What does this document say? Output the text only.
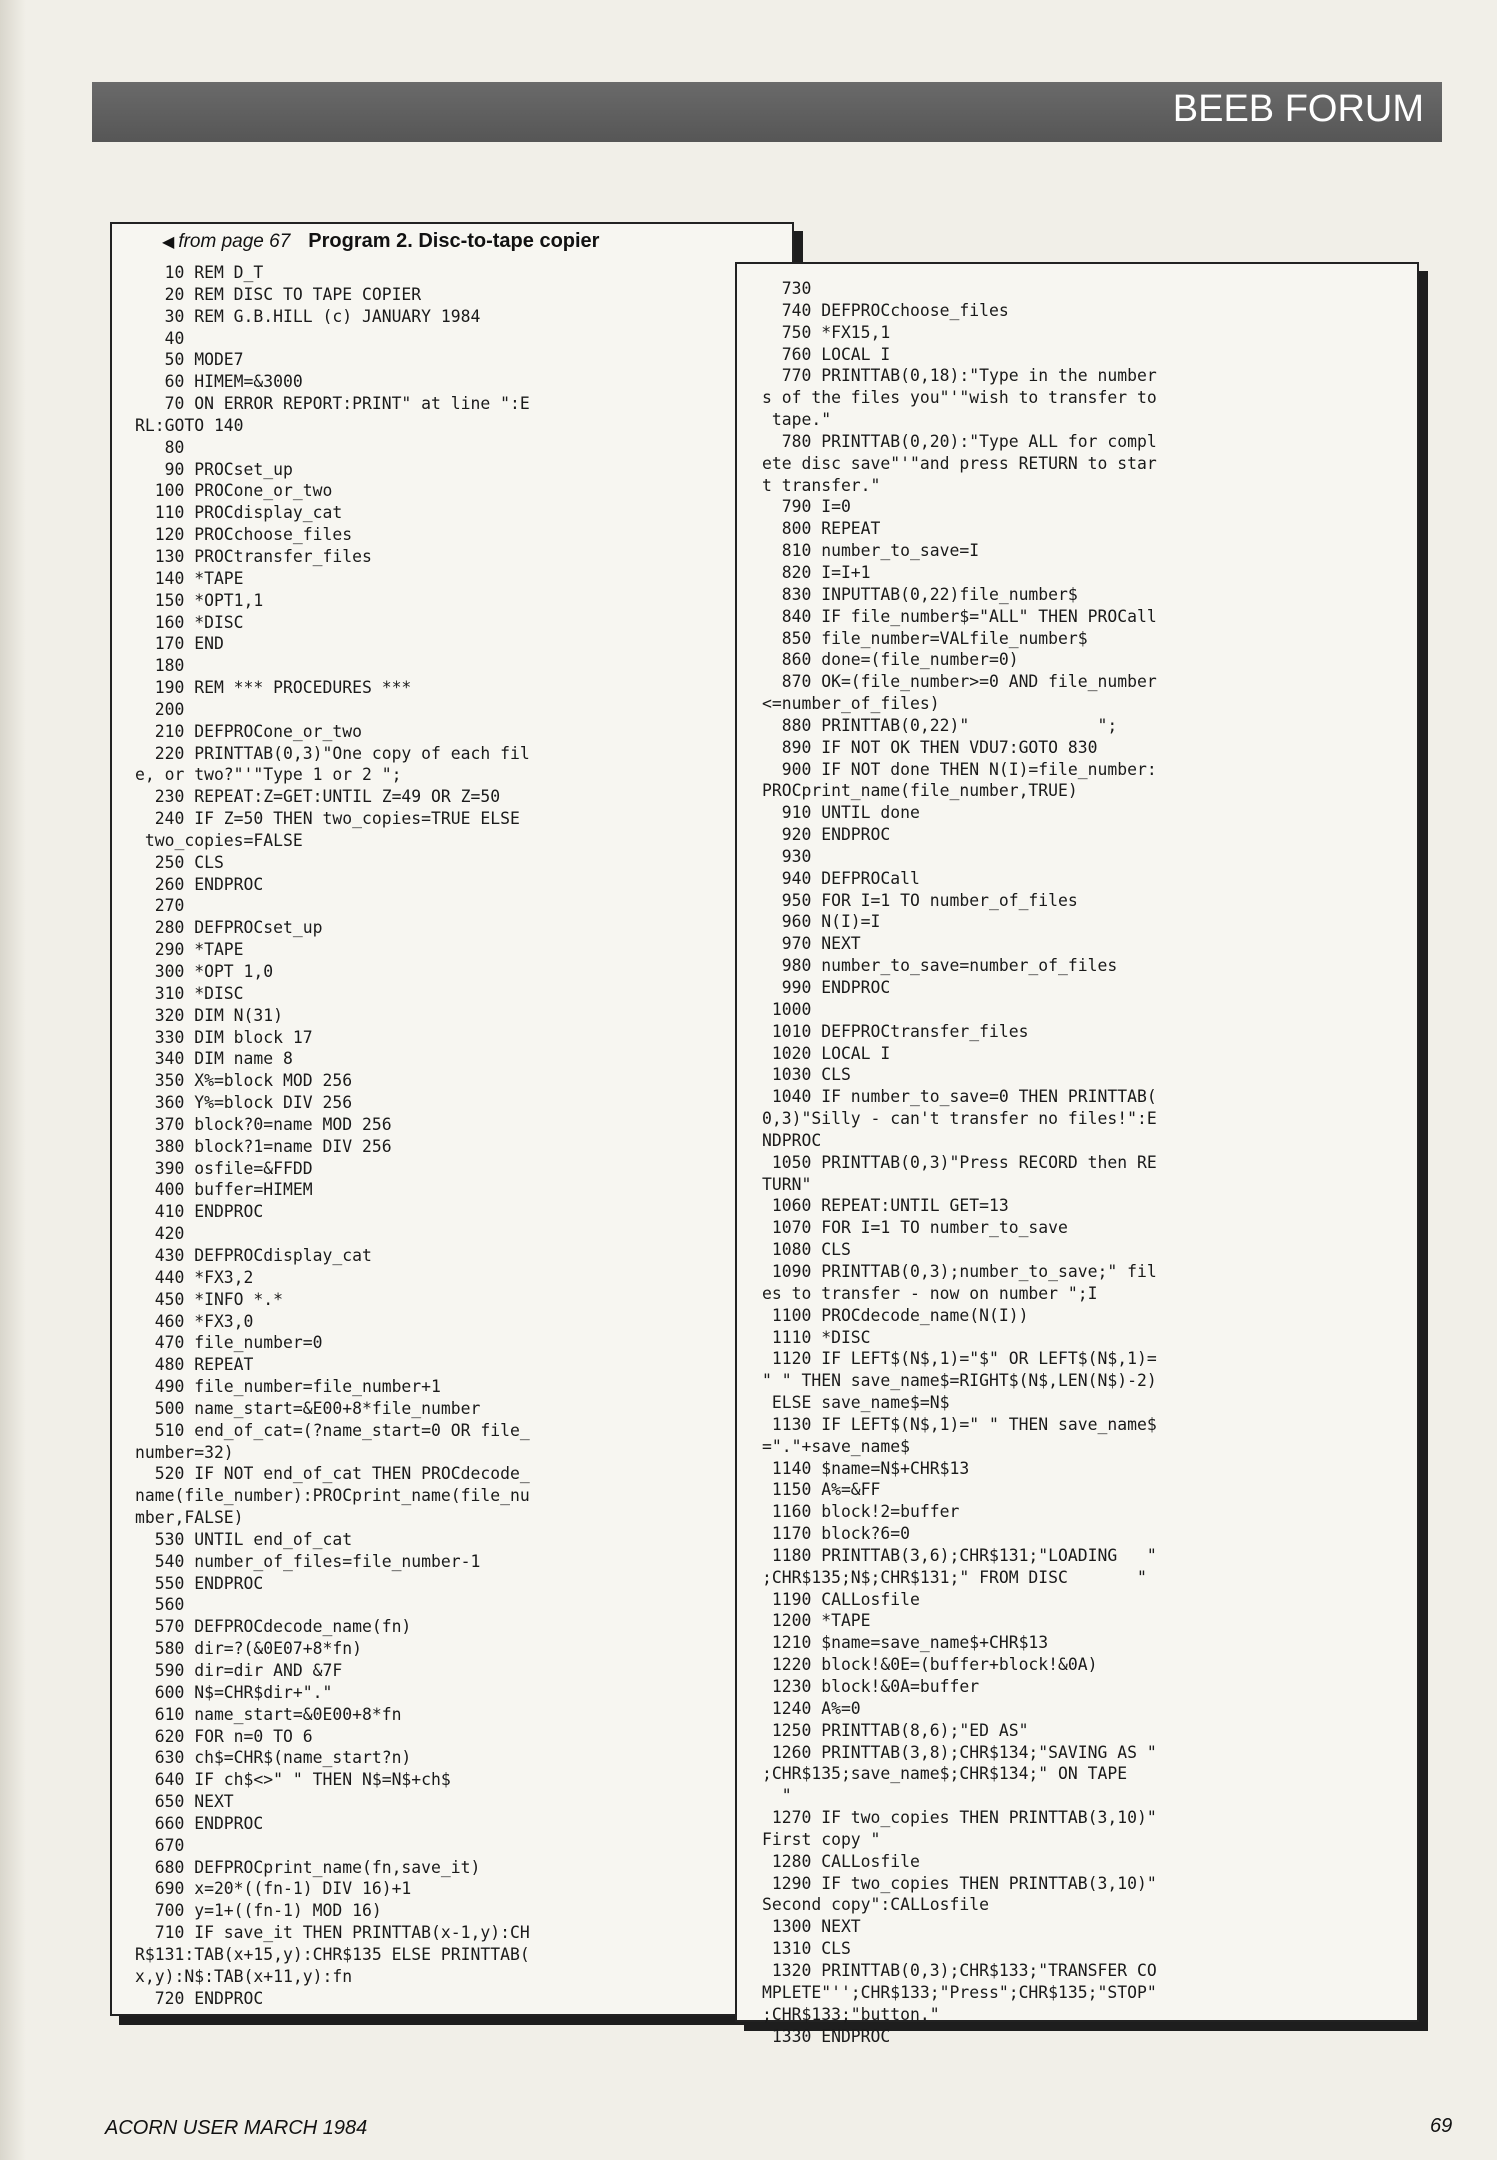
BEEB FORUM
◀ from page 67 Program 2. Disc-to-tape copier
10 REM D_T
20 REM DISC TO TAPE COPIER
30 REM G.B.HILL (c) JANUARY 1984
40
50 MODE7
60 HIMEM=&3000
70 ON ERROR REPORT:PRINT" at line ":E
RL:GOTO 140
80
90 PROCset_up
100 PROCone_or_two
110 PROCdisplay_cat
120 PROCchoose_files
130 PROCtransfer_files
140 *TAPE
150 *OPT1,1
160 *DISC
170 END
180
190 REM *** PROCEDURES ***
200
210 DEFPROCone_or_two
220 PRINTTAB(0,3)"One copy of each fil
e, or two?"'"Type 1 or 2 ";
230 REPEAT:Z=GET:UNTIL Z=49 OR Z=50
240 IF Z=50 THEN two_copies=TRUE ELSE
two_copies=FALSE
250 CLS
260 ENDPROC
270
280 DEFPROCset_up
290 *TAPE
300 *OPT 1,0
310 *DISC
320 DIM N(31)
330 DIM block 17
340 DIM name 8
350 X%=block MOD 256
360 Y%=block DIV 256
370 block?0=name MOD 256
380 block?1=name DIV 256
390 osfile=&FFDD
400 buffer=HIMEM
410 ENDPROC
420
430 DEFPROCdisplay_cat
440 *FX3,2
450 *INFO *.*
460 *FX3,0
470 file_number=0
480 REPEAT
490 file_number=file_number+1
500 name_start=&E00+8*file_number
510 end_of_cat=(?name_start=0 OR file_
number=32)
520 IF NOT end_of_cat THEN PROCdecode_
name(file_number):PROCprint_name(file_nu
mber,FALSE)
530 UNTIL end_of_cat
540 number_of_files=file_number-1
550 ENDPROC
560
570 DEFPROCdecode_name(fn)
580 dir=?(&0E07+8*fn)
590 dir=dir AND &7F
600 N$=CHR$dir+"."
610 name_start=&0E00+8*fn
620 FOR n=0 TO 6
630 ch$=CHR$(name_start?n)
640 IF ch$<>" " THEN N$=N$+ch$
650 NEXT
660 ENDPROC
670
680 DEFPROCprint_name(fn,save_it)
690 x=20*((fn-1) DIV 16)+1
700 y=1+((fn-1) MOD 16)
710 IF save_it THEN PRINTTAB(x-1,y):CH
R$131:TAB(x+15,y):CHR$135 ELSE PRINTTAB(
x,y):N$:TAB(x+11,y):fn
720 ENDPROC
730
740 DEFPROCchoose_files
750 *FX15,1
760 LOCAL I
770 PRINTTAB(0,18):"Type in the number
s of the files you"'"wish to transfer to
tape."
780 PRINTTAB(0,20):"Type ALL for compl
ete disc save"'"and press RETURN to star
t transfer."
790 I=0
800 REPEAT
810 number_to_save=I
820 I=I+1
830 INPUTTAB(0,22)file_number$
840 IF file_number$="ALL" THEN PROCall
850 file_number=VALfile_number$
860 done=(file_number=0)
870 OK=(file_number>=0 AND file_number
<=number_of_files)
880 PRINTTAB(0,22)"             ";
890 IF NOT OK THEN VDU7:GOTO 830
900 IF NOT done THEN N(I)=file_number:
PROCprint_name(file_number,TRUE)
910 UNTIL done
920 ENDPROC
930
940 DEFPROCall
950 FOR I=1 TO number_of_files
960 N(I)=I
970 NEXT
980 number_to_save=number_of_files
990 ENDPROC
1000
1010 DEFPROCtransfer_files
1020 LOCAL I
1030 CLS
1040 IF number_to_save=0 THEN PRINTTAB(
0,3)"Silly - can't transfer no files!":E
NDPROC
1050 PRINTTAB(0,3)"Press RECORD then RE
TURN"
1060 REPEAT:UNTIL GET=13
1070 FOR I=1 TO number_to_save
1080 CLS
1090 PRINTTAB(0,3);number_to_save;" fil
es to transfer - now on number ";I
1100 PROCdecode_name(N(I))
1110 *DISC
1120 IF LEFT$(N$,1)="$" OR LEFT$(N$,1)=
" " THEN save_name$=RIGHT$(N$,LEN(N$)-2)
ELSE save_name$=N$
1130 IF LEFT$(N$,1)=" " THEN save_name$
="."+save_name$
1140 $name=N$+CHR$13
1150 A%=&FF
1160 block!2=buffer
1170 block?6=0
1180 PRINTTAB(3,6);CHR$131;"LOADING   "
;CHR$135;N$;CHR$131;" FROM DISC       "
1190 CALLosfile
1200 *TAPE
1210 $name=save_name$+CHR$13
1220 block!&0E=(buffer+block!&0A)
1230 block!&0A=buffer
1240 A%=0
1250 PRINTTAB(8,6);"ED AS"
1260 PRINTTAB(3,8);CHR$134;"SAVING AS "
;CHR$135;save_name$;CHR$134;" ON TAPE
"
1270 IF two_copies THEN PRINTTAB(3,10)"
First copy "
1280 CALLosfile
1290 IF two_copies THEN PRINTTAB(3,10)"
Second copy":CALLosfile
1300 NEXT
1310 CLS
1320 PRINTTAB(0,3);CHR$133;"TRANSFER CO
MPLETE"'';CHR$133;"Press";CHR$135;"STOP"
;CHR$133;"button."
1330 ENDPROC
ACORN USER MARCH 1984	69
